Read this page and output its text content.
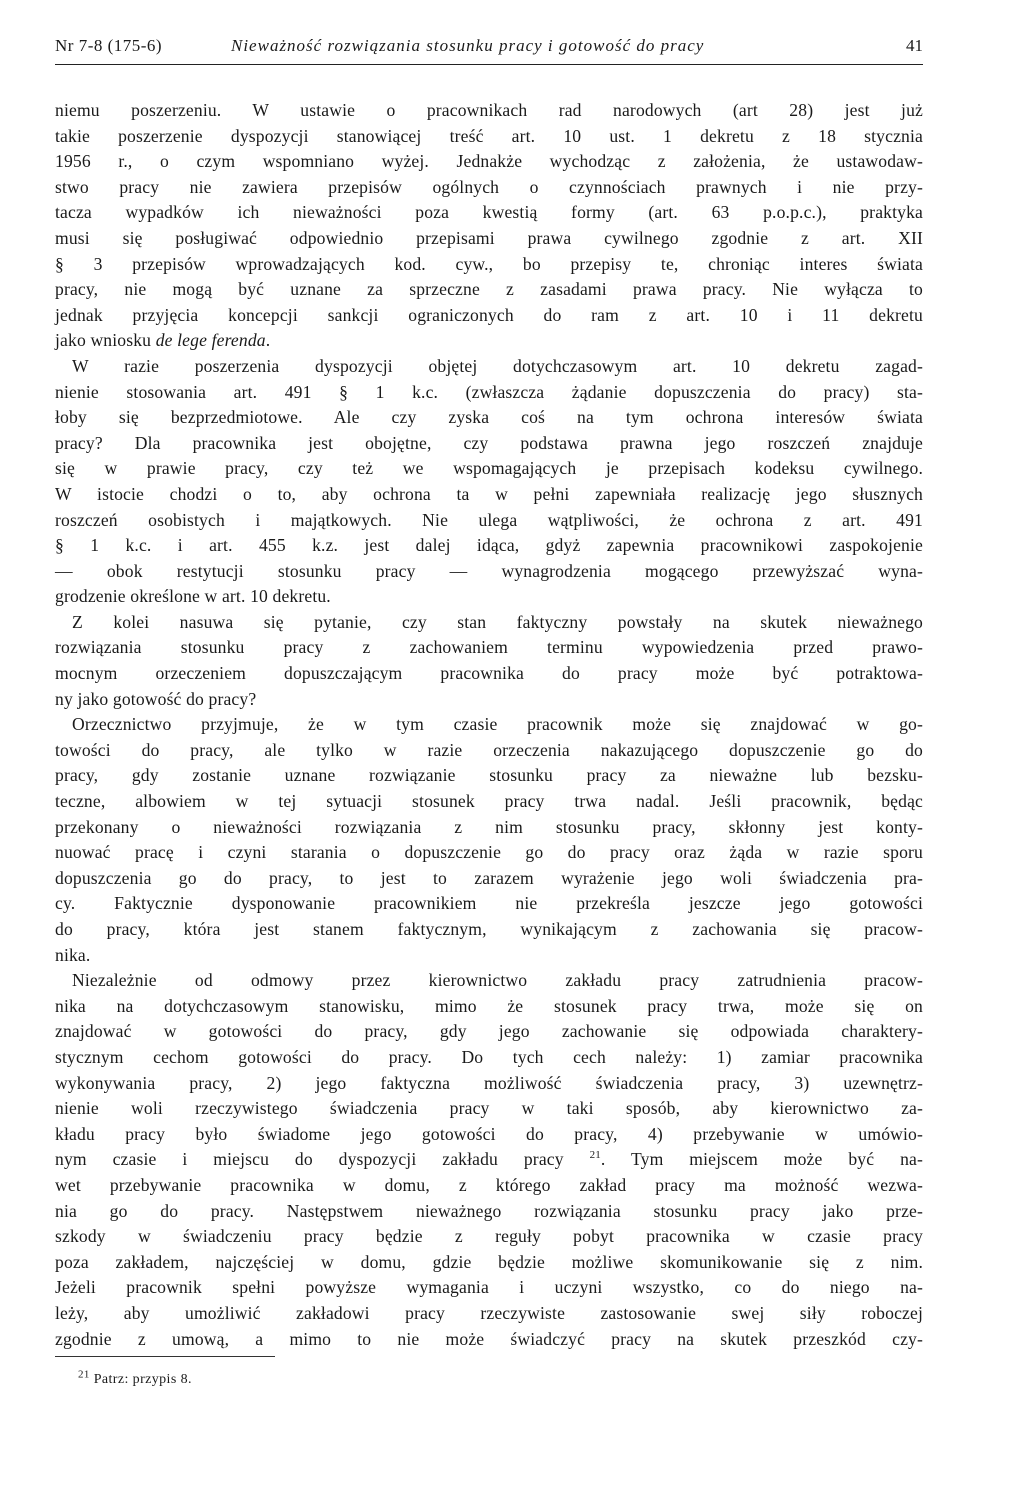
Nr 7-8 (175-6)	Nieważność rozwiązania stosunku pracy i gotowość do pracy	41
niemu poszerzeniu. W ustawie o pracownikach rad narodowych (art 28) jest już
takie poszerzenie dyspozycji stanowiącej treść art. 10 ust. 1 dekretu z 18 stycznia
1956 r., o czym wspomniano wyżej. Jednakże wychodząc z założenia, że ustawodaw-
stwo pracy nie zawiera przepisów ogólnych o czynnościach prawnych i nie przy-
tacza wypadków ich nieważności poza kwestią formy (art. 63 p.o.p.c.), praktyka
musi się posługiwać odpowiednio przepisami prawa cywilnego zgodnie z art. XII
§ 3 przepisów wprowadzających kod. cyw., bo przepisy te, chroniąc interes świata
pracy, nie mogą być uznane za sprzeczne z zasadami prawa pracy. Nie wyłącza to
jednak przyjęcia koncepcji sankcji ograniczonych do ram z art. 10 i 11 dekretu
jako wniosku de lege ferenda.
W razie poszerzenia dyspozycji objętej dotychczasowym art. 10 dekretu zagad-
nienie stosowania art. 491 § 1 k.c. (zwłaszcza żądanie dopuszczenia do pracy) sta-
łoby się bezprzedmiotowe. Ale czy zyska coś na tym ochrona interesów świata
pracy? Dla pracownika jest obojętne, czy podstawa prawna jego roszczeń znajduje
się w prawie pracy, czy też we wspomagających je przepisach kodeksu cywilnego.
W istocie chodzi o to, aby ochrona ta w pełni zapewniała realizację jego słusznych
roszczeń osobistych i majątkowych. Nie ulega wątpliwości, że ochrona z art. 491
§ 1 k.c. i art. 455 k.z. jest dalej idąca, gdyż zapewnia pracownikowi zaspokojenie
— obok restytucji stosunku pracy — wynagrodzenia mogącego przewyższać wyna-
grodzenie określone w art. 10 dekretu.
Z kolei nasuwa się pytanie, czy stan faktyczny powstały na skutek nieważnego
rozwiązania stosunku pracy z zachowaniem terminu wypowiedzenia przed prawo-
mocnym orzeczeniem dopuszczającym pracownika do pracy może być potraktowa-
ny jako gotowość do pracy?
Orzecznictwo przyjmuje, że w tym czasie pracownik może się znajdować w go-
towości do pracy, ale tylko w razie orzeczenia nakazującego dopuszczenie go do
pracy, gdy zostanie uznane rozwiązanie stosunku pracy za nieważne lub bezsku-
teczne, albowiem w tej sytuacji stosunek pracy trwa nadal. Jeśli pracownik, będąc
przekonany o nieważności rozwiązania z nim stosunku pracy, skłonny jest konty-
nuować pracę i czyni starania o dopuszczenie go do pracy oraz żąda w razie sporu
dopuszczenia go do pracy, to jest to zarazem wyrażenie jego woli świadczenia pra-
cy. Faktycznie dysponowanie pracownikiem nie przekreśla jeszcze jego gotowości
do pracy, która jest stanem faktycznym, wynikającym z zachowania się pracow-
nika.
Niezależnie od odmowy przez kierownictwo zakładu pracy zatrudnienia pracow-
nika na dotychczasowym stanowisku, mimo że stosunek pracy trwa, może się on
znajdować w gotowości do pracy, gdy jego zachowanie się odpowiada charaktery-
stycznym cechom gotowości do pracy. Do tych cech należy: 1) zamiar pracownika
wykonywania pracy, 2) jego faktyczna możliwość świadczenia pracy, 3) uzewnętrz-
nienie woli rzeczywistego świadczenia pracy w taki sposób, aby kierownictwo za-
kładu pracy było świadome jego gotowości do pracy, 4) przebywanie w umówio-
nym czasie i miejscu do dyspozycji zakładu pracy $^{21}$. Tym miejscem może być na-
wet przebywanie pracownika w domu, z którego zakład pracy ma możność wezwa-
nia go do pracy. Następstwem nieważnego rozwiązania stosunku pracy jako prze-
szkody w świadczeniu pracy będzie z reguły pobyt pracownika w czasie pracy
poza zakładem, najczęściej w domu, gdzie będzie możliwe skomunikowanie się z nim.
Jeżeli pracownik spełni powyższe wymagania i uczyni wszystko, co do niego na-
leży, aby umożliwić zakładowi pracy rzeczywiste zastosowanie swej siły roboczej
zgodnie z umową, a mimo to nie może świadczyć pracy na skutek przeszkód czy-
$^{21}$ Patrz: przypis 8.
